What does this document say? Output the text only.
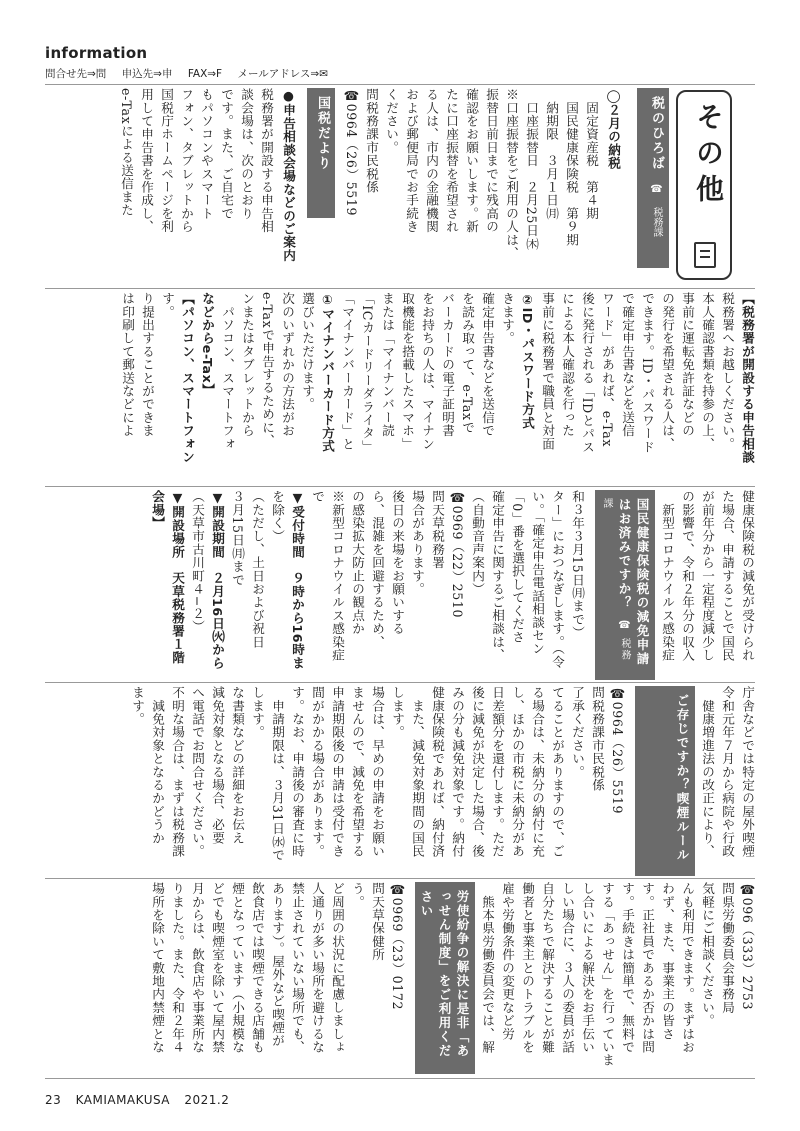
information
問合せ先⇒問 申込先⇒申 FAX⇒F メールアドレス⇒✉
e-Taxによる送信また 用して申告書を作成し、 国税庁ホームページを利 フォン、タブレットから もパソコンやスマート です。また、ご自宅で 談会場は、次のとおり 税務署が開設する申告相 ●申告相談会場などのご案内	国税だより	☎0964（26）5519 問税務課市民税係 ください。 および郵便局でお手続き る人は、市内の金融機関 たに口座振替を希望され 確認をお願いします。新 振替日前日までに残高の ※口座振替をご利用の人は、 　口座振替日　２月25日㈭ 　納期限　３月１日㈪ 　国民健康保険税　第９期 　固定資産税　第４期 ◯２月の納税	税のひろば ☎ 税務課
その他
【税務署が開設する申告相談
税務署へお越しください。
本人確認書類を持参の上、
事前に運転免許証などの
の発行を希望される人は、
できます。ID・パスワード
で確定申告書などを送信
ワード」があれば、e-Tax
後に発行される「IDとパス
による本人確認を行った
事前に税務署で職員と対面
②ID・パスワード方式
きます。
確定申告書などを送信で
を読み取って、e-Taxで
バーカードの電子証明書
をお持ちの人は、マイナン
取機能を搭載したスマホ」
または「マイナンバー読
「ICカードリーダライタ」
「マイナンバーカード」と
①マイナンバーカード方式
選びいただけます。
次のいずれかの方法がお
e-Taxで申告するために、
ンまたはタブレットから
　パソコン、スマートフォ
などからe-Tax】
【パソコン、スマートフォン
す。
り提出することができま
は印刷して郵送などによ
健康保険税の減免が受けられ
た場合、申請することで国民
が前年分から一定程度減少し
の影響で、令和２年分の収入
　新型コロナウイルス感染症
国民健康保険税の減免申請はお済みですか？ ☎ 税務課
和３年３月15日㈪まで）
ター」におつなぎします。（令
い。「確定申告電話相談セン
「0」番を選択してくださ
確定申告に関するご相談は、
（自動音声案内）
☎0969（22）2510
問天草税務署
場合があります。
後日の来場をお願いする
ら、混雑を回避するため、
の感染拡大防止の観点か
※新型コロナウイルス感染症
で
▼受付時間　９時から16時ま
を除く）
（ただし、土日および祝日
３月15日㈪まで
▼開設期間　２月16日㈫から
（天草市古川町４−２）
▼開設場所　天草税務署１階
会場】
庁舎などでは特定の屋外喫煙
令和元年７月から病院や行政
　健康増進法の改正により、
ご存じですか？喫煙ルール
☎0964（26）5519
問税務課市民税係
了承ください。
てることがありますので、ご
る場合は、未納分の納付に充
し、ほかの市税に未納分があ
日差額分を還付します。ただ
後に減免が決定した場合、後
みの分も減免対象です。納付
健康保険税であれば、納付済
　また、減免対象期間の国民
します。
場合は、早めの申請をお願い
ませんので、減免を希望する
申請期限後の申請は受付でき
間がかかる場合があります。
す。なお、申請後の審査に時
　申請期限は、３月31日㈬で
します。
な書類などの詳細をお伝え
減免対象となる場合、必要
へ電話でお問合せください。
不明な場合は、まずは税務課
　減免対象となるかどうか
ます。
☎096（333）2753
問県労働委員会事務局
気軽にご相談ください。
んも利用できます。まずはお
わず、また、事業主の皆さ
す。正社員であるか否かは問
す。手続きは簡単で、無料で
する「あっせん」を行っていま
し合いによる解決をお手伝い
しい場合に、３人の委員が話
自分たちで解決することが難
働者と事業主とのトラブルを
雇や労働条件の変更など労
　熊本県労働委員会では、解
労使紛争の解決に是非「あっせん制度」をご利用ください
☎0969（23）0172
問天草保健所
う。
ど周囲の状況に配慮しましょ
人通りが多い場所を避けるな
禁止されていない場所でも、
あります）。屋外など喫煙が
飲食店では喫煙できる店舗も
煙となっています（小規模な
どでも喫煙室を除いて屋内禁
月からは、飲食店や事業所な
りました。また、令和２年４
場所を除いて敷地内禁煙とな
23 KAMIAMAKUSA 2021.2
